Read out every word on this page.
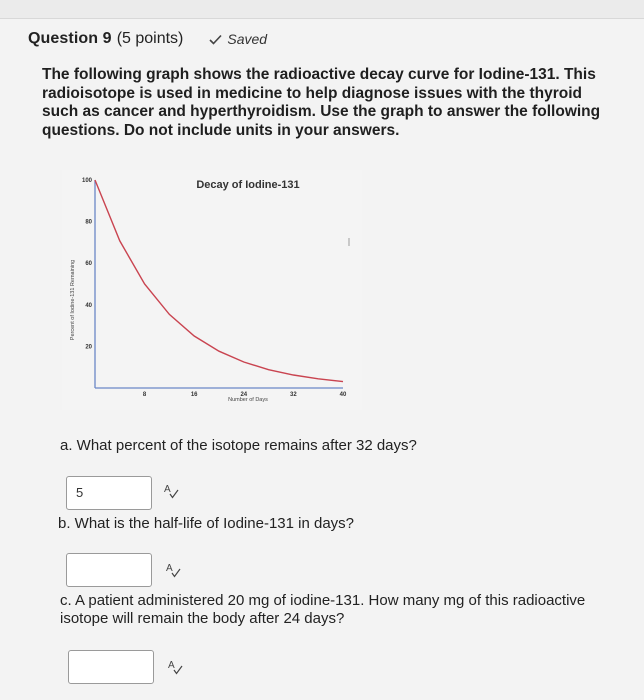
Question 9 (5 points)	Saved
The following graph shows the radioactive decay curve for Iodine-131. This radioisotope is used in medicine to help diagnose issues with the thyroid such as cancer and hyperthyroidism. Use the graph to answer the following questions. Do not include units in your answers.
Decay of Iodine-131
Number of Days
Percent of Iodine-131 Remaining
8	16	24	32	40
100
80
60
40
20
a. What percent of the isotope remains after 32 days?
5	A
b. What is the half-life of Iodine-131 in days?
A
c. A patient administered 20 mg of iodine-131. How many mg of this radioactive isotope will remain the body after 24 days?
A
